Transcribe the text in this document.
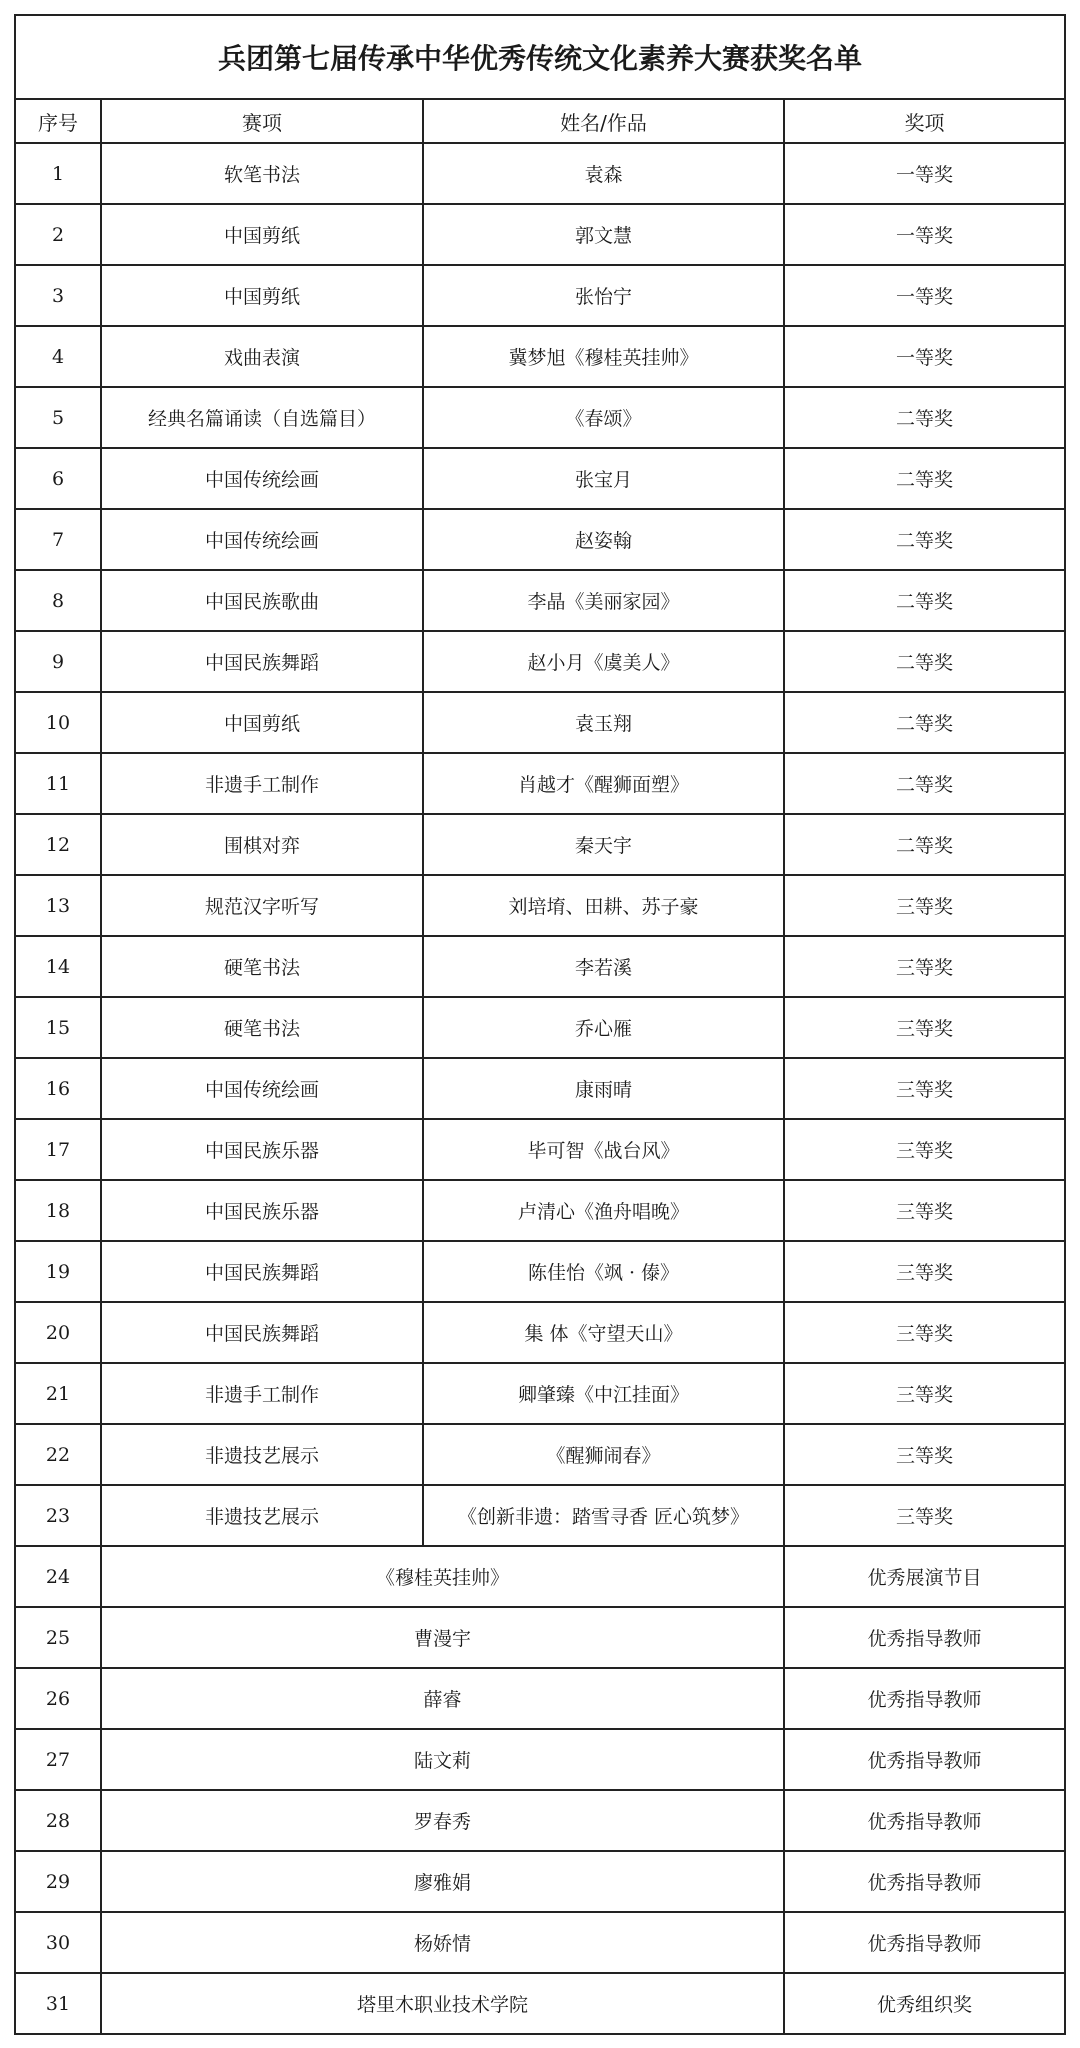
兵团第七届传承中华优秀传统文化素养大赛获奖名单			
序号	赛项	姓名/作品	奖项
1	软笔书法	袁森	一等奖
2	中国剪纸	郭文慧	一等奖
3	中国剪纸	张怡宁	一等奖
4	戏曲表演	冀梦旭《穆桂英挂帅》	一等奖
5	经典名篇诵读（自选篇目）	《春颂》	二等奖
6	中国传统绘画	张宝月	二等奖
7	中国传统绘画	赵姿翰	二等奖
8	中国民族歌曲	李晶《美丽家园》	二等奖
9	中国民族舞蹈	赵小月《虞美人》	二等奖
10	中国剪纸	袁玉翔	二等奖
11	非遗手工制作	肖越才《醒狮面塑》	二等奖
12	围棋对弈	秦天宇	二等奖
13	规范汉字听写	刘培堉、田耕、苏子豪	三等奖
14	硬笔书法	李若溪	三等奖
15	硬笔书法	乔心雁	三等奖
16	中国传统绘画	康雨晴	三等奖
17	中国民族乐器	毕可智《战台风》	三等奖
18	中国民族乐器	卢清心《渔舟唱晚》	三等奖
19	中国民族舞蹈	陈佳怡《飒 · 傣》	三等奖
20	中国民族舞蹈	集 体《守望天山》	三等奖
21	非遗手工制作	卿肇臻《中江挂面》	三等奖
22	非遗技艺展示	《醒狮闹春》	三等奖
23	非遗技艺展示	《创新非遗：踏雪寻香 匠心筑梦》	三等奖
24	《穆桂英挂帅》		优秀展演节目
25	曹漫宇		优秀指导教师
26	薛睿		优秀指导教师
27	陆文莉		优秀指导教师
28	罗春秀		优秀指导教师
29	廖雅娟		优秀指导教师
30	杨娇情		优秀指导教师
31	塔里木职业技术学院		优秀组织奖
